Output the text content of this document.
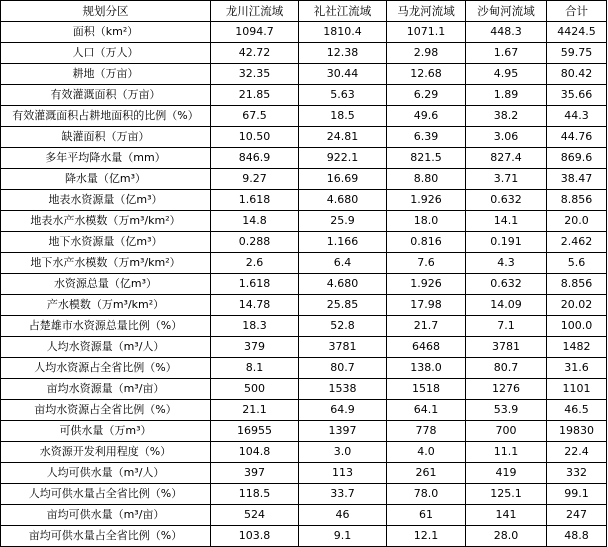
规划分区	龙川江流域	礼社江流域	马龙河流域	沙甸河流域	合计
面积（km²）	1094.7	1810.4	1071.1	448.3	4424.5
人口（万人）	42.72	12.38	2.98	1.67	59.75
耕地（万亩）	32.35	30.44	12.68	4.95	80.42
有效灌溉面积（万亩）	21.85	5.63	6.29	1.89	35.66
有效灌溉面积占耕地面积的比例（%）	67.5	18.5	49.6	38.2	44.3
缺灌面积（万亩）	10.50	24.81	6.39	3.06	44.76
多年平均降水量（mm）	846.9	922.1	821.5	827.4	869.6
降水量（亿m³）	9.27	16.69	8.80	3.71	38.47
地表水资源量（亿m³）	1.618	4.680	1.926	0.632	8.856
地表水产水模数（万m³/km²）	14.8	25.9	18.0	14.1	20.0
地下水资源量（亿m³）	0.288	1.166	0.816	0.191	2.462
地下水产水模数（万m³/km²）	2.6	6.4	7.6	4.3	5.6
水资源总量（亿m³）	1.618	4.680	1.926	0.632	8.856
产水模数（万m³/km²）	14.78	25.85	17.98	14.09	20.02
占楚雄市水资源总量比例（%）	18.3	52.8	21.7	7.1	100.0
人均水资源量（m³/人）	379	3781	6468	3781	1482
人均水资源占全省比例（%）	8.1	80.7	138.0	80.7	31.6
亩均水资源量（m³/亩）	500	1538	1518	1276	1101
亩均水资源占全省比例（%）	21.1	64.9	64.1	53.9	46.5
可供水量（万m³）	16955	1397	778	700	19830
水资源开发利用程度（%）	104.8	3.0	4.0	11.1	22.4
人均可供水量（m³/人）	397	113	261	419	332
人均可供水量占全省比例（%）	118.5	33.7	78.0	125.1	99.1
亩均可供水量（m³/亩）	524	46	61	141	247
亩均可供水量占全省比例（%）	103.8	9.1	12.1	28.0	48.8
